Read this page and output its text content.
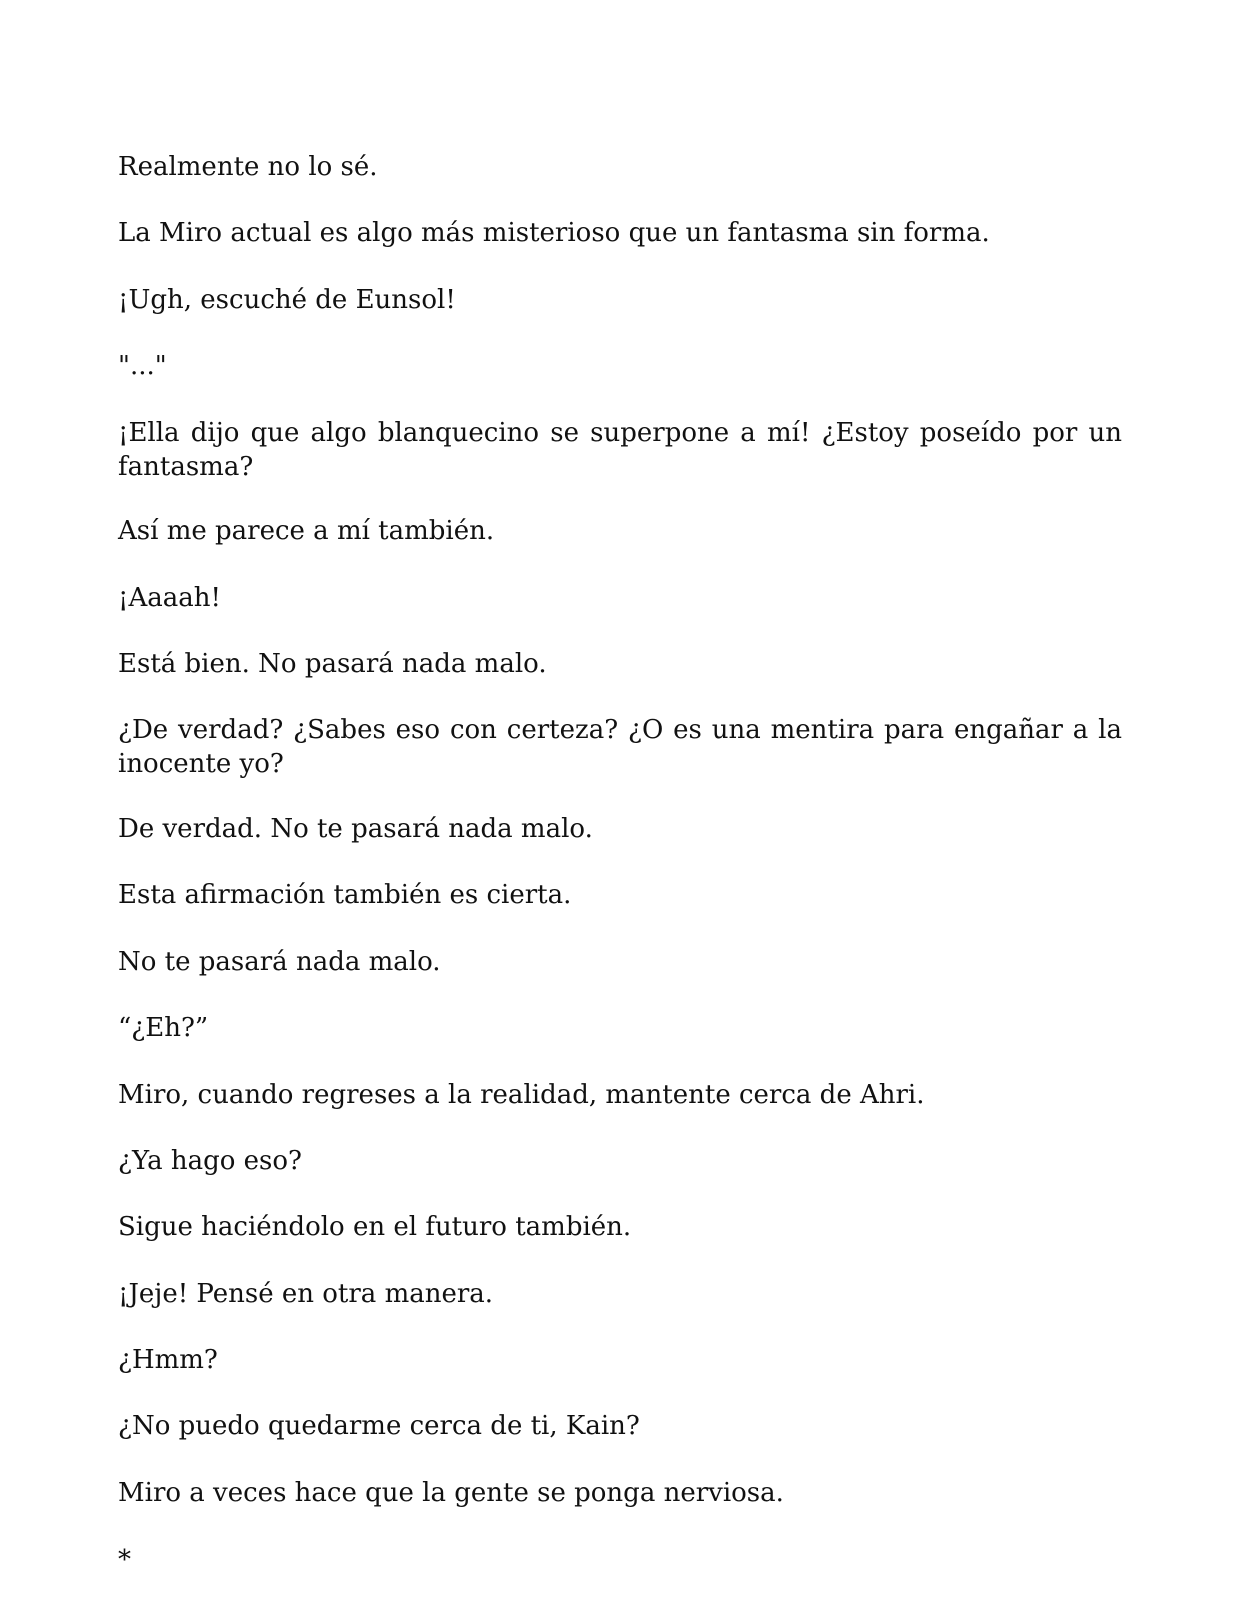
Realmente no lo sé.

La Miro actual es algo más misterioso que un fantasma sin forma.

¡Ugh, escuché de Eunsol!

"..."

¡Ella dijo que algo blanquecino se superpone a mí! ¿Estoy poseído por un fantasma?

Así me parece a mí también.

¡Aaaah!

Está bien. No pasará nada malo.

¿De verdad? ¿Sabes eso con certeza? ¿O es una mentira para engañar a la inocente yo?

De verdad. No te pasará nada malo.

Esta afirmación también es cierta.

No te pasará nada malo.

“¿Eh?”

Miro, cuando regreses a la realidad, mantente cerca de Ahri.

¿Ya hago eso?

Sigue haciéndolo en el futuro también.

¡Jeje! Pensé en otra manera.

¿Hmm?

¿No puedo quedarme cerca de ti, Kain?

Miro a veces hace que la gente se ponga nerviosa.

*
